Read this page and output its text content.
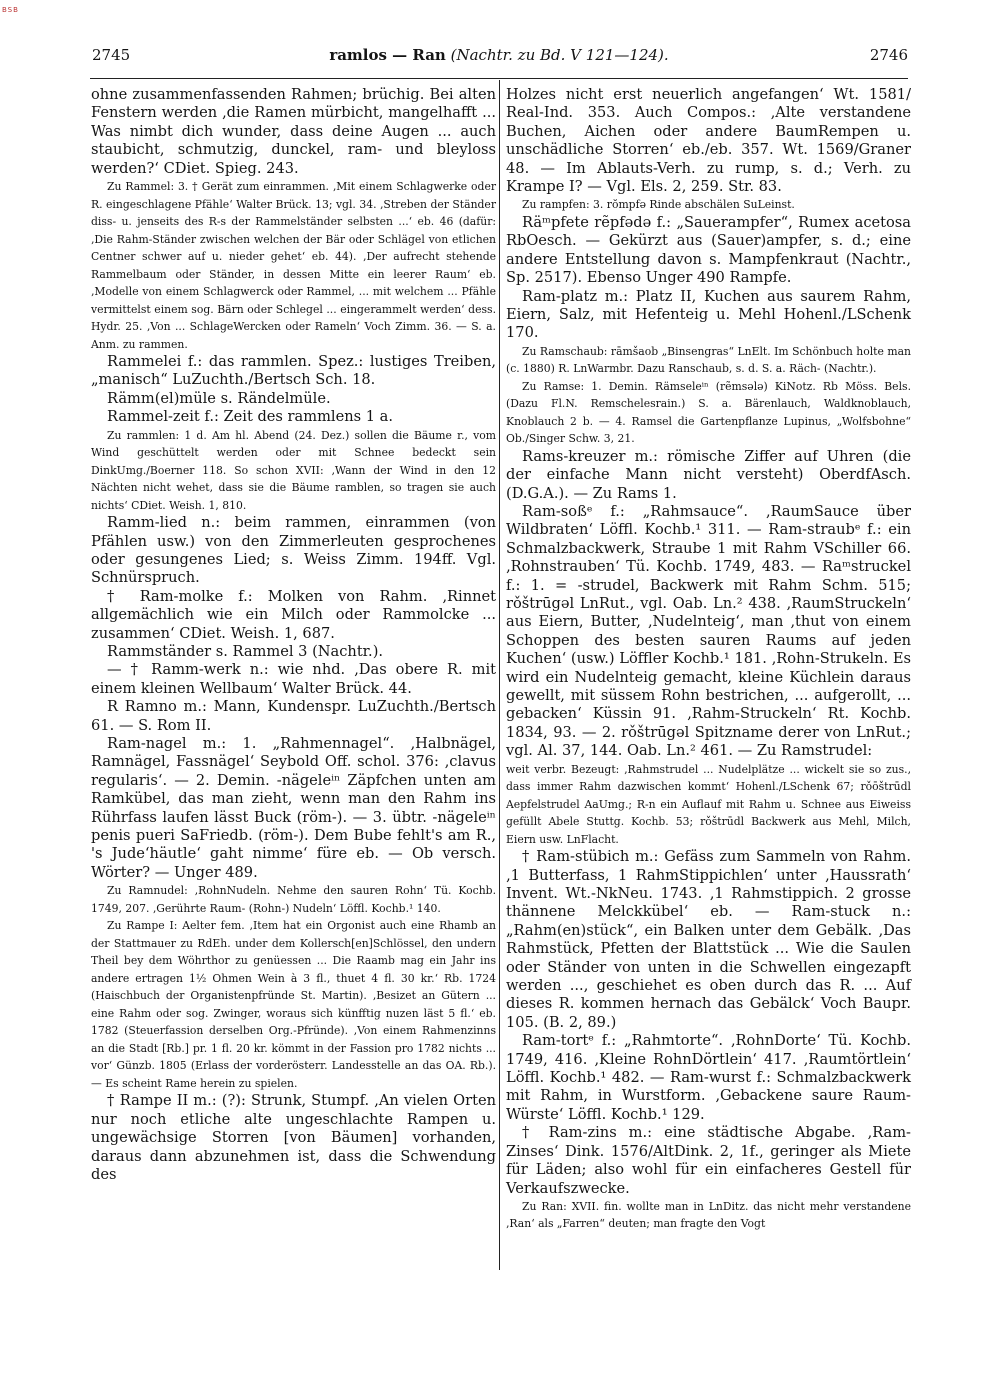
BSB
2745	ramlos — Ran (Nachtr. zu Bd. V 121—124).	2746

ohne zusammenfassenden Rahmen; brüchig. Bei alten Fenstern werden ‚die Ramen mürbicht, mangelhafft ... Was nimbt dich wunder, dass deine Augen ... auch staubicht, schmutzig, dunckel, ram- und bleyloss werden?‘ CDiet. Spieg. 243.

Zu Rammel: 3. † Gerät zum einrammen. ‚Mit einem Schlagwerke oder R. eingeschlagene Pfähle‘ Walter Brück. 13; vgl. 34. ‚Streben der Ständer diss- u. jenseits des R-s der Rammelständer selbsten ...‘ eb. 46 (dafür: ‚Die Rahm-Ständer zwischen welchen der Bär oder Schlägel von etlichen Centner schwer auf u. nieder gehet‘ eb. 44). ‚Der aufrecht stehende Rammelbaum oder Ständer, in dessen Mitte ein leerer Raum‘ eb. ‚Modelle von einem Schlagwerck oder Rammel, ... mit welchem ... Pfähle vermittelst einem sog. Bärn oder Schlegel ... eingerammelt werden‘ dess. Hydr. 25. ‚Von ... SchlageWercken oder Rameln‘ Voch Zimm. 36. — S. a. Anm. zu rammen.

Rammelei f.: das rammlen. Spez.: lustiges Treiben, „manisch“ LuZuchth./Bertsch Sch. 18.

Rämm(el)müle s. Rändelmüle.

Rammel-zeit f.: Zeit des rammlens 1 a.

Zu rammlen: 1 d. Am hl. Abend (24. Dez.) sollen die Bäume r., vom Wind geschüttelt werden oder mit Schnee bedeckt sein DinkUmg./Boerner 118. So schon XVII: ‚Wann der Wind in den 12 Nächten nicht wehet, dass sie die Bäume ramblen, so tragen sie auch nichts‘ CDiet. Weish. 1, 810.

Ramm-lied n.: beim rammen, einrammen (von Pfählen usw.) von den Zimmerleuten gesprochenes oder gesungenes Lied; s. Weiss Zimm. 194ff. Vgl. Schnürspruch.

† Ram-molke f.: Molken von Rahm. ‚Rinnet allgemächlich wie ein Milch oder Rammolcke ... zusammen‘ CDiet. Weish. 1, 687.

Rammständer s. Rammel 3 (Nachtr.).

— † Ramm-werk n.: wie nhd. ‚Das obere R. mit einem kleinen Wellbaum‘ Walter Brück. 44.

R Ramno m.: Mann, Kundenspr. LuZuchth./Bertsch 61. — S. Rom II.

Ram-nagel m.: 1. „Rahmennagel“. ‚Halbnägel, Ramnägel, Fassnägel‘ Seybold Off. schol. 376: ‚clavus regularis‘. — 2. Demin. -nägeleⁱⁿ Zäpfchen unten am Ramkübel, das man zieht, wenn man den Rahm ins Rührfass laufen lässt Buck (röm-). — 3. übtr. -nägeleⁱⁿ penis pueri SaFriedb. (röm-). Dem Bube fehlt's am R., 's Jude‘häutle‘ gaht nimme‘ füre eb. — Ob versch. Wörter? — Unger 489.

Zu Ramnudel: ‚RohnNudeln. Nehme den sauren Rohn‘ Tü. Kochb. 1749, 207. ‚Gerührte Raum- (Rohn-) Nudeln‘ Löffl. Kochb.¹ 140.

Zu Rampe I: Aelter fem. ‚Item hat ein Orgonist auch eine Rhamb an der Stattmauer zu RdEh. under dem Kollersch[en]Schlössel, den undern Theil bey dem Wöhrthor zu genüessen ... Die Raamb mag ein Jahr ins andere ertragen 1½ Ohmen Wein à 3 fl., thuet 4 fl. 30 kr.‘ Rb. 1724 (Haischbuch der Organistenpfründe St. Martin). ‚Besizet an Gütern ... eine Rahm oder sog. Zwinger, woraus sich künfftig nuzen läst 5 fl.‘ eb. 1782 (Steuerfassion derselben Org.-Pfründe). ‚Von einem Rahmenzinns an die Stadt [Rb.] pr. 1 fl. 20 kr. kömmt in der Fassion pro 1782 nichts ... vor‘ Günzb. 1805 (Erlass der vorderösterr. Landesstelle an das OA. Rb.). — Es scheint Rame herein zu spielen.

† Rampe II m.: (?): Strunk, Stumpf. ‚An vielen Orten nur noch etliche alte ungeschlachte Rampen u. ungewächsige Storren [von Bäumen] vorhanden, daraus dann abzunehmen ist, dass die Schwendung des

Holzes nicht erst neuerlich angefangen‘ Wt. 1581/ Real-Ind. 353. Auch Compos.: ‚Alte verstandene Buchen, Aichen oder andere BaumRempen u. unschädliche Storren‘ eb./eb. 357. Wt. 1569/Graner 48. — Im Ablauts-Verh. zu rump, s. d.; Verh. zu Krampe I? — Vgl. Els. 2, 259. Str. 83.

Zu rampfen: 3. rŏmpfə Rinde abschälen SuLeinst.

Räᵐpfete rẽpfədə f.: „Sauerampfer“, Rumex acetosa RbOesch. — Gekürzt aus (Sauer)ampfer, s. d.; eine andere Entstellung davon s. Mampfenkraut (Nachtr., Sp. 2517). Ebenso Unger 490 Rampfe.

Ram-platz m.: Platz II, Kuchen aus saurem Rahm, Eiern, Salz, mit Hefenteig u. Mehl Hohenl./LSchenk 170.

Zu Ramschaub: rāmšaob „Binsengras“ LnElt. Im Schönbuch holte man (c. 1880) R. LnWarmbr. Dazu Ranschaub, s. d. S. a. Räch- (Nachtr.).

Zu Ramse: 1. Demin. Rämseleⁱⁿ (rẽmsələ) KiNotz. Rb Möss. Bels. (Dazu Fl.N. Remschelesrain.) S. a. Bärenlauch, Waldknoblauch, Knoblauch 2 b. — 4. Ramsel die Gartenpflanze Lupinus, „Wolfsbohne“ Ob./Singer Schw. 3, 21.

Rams-kreuzer m.: römische Ziffer auf Uhren (die der einfache Mann nicht versteht) OberdfAsch. (D.G.A.). — Zu Rams 1.

Ram-soßᵉ f.: „Rahmsauce“. ‚RaumSauce über Wildbraten‘ Löffl. Kochb.¹ 311. — Ram-straubᵉ f.: ein Schmalzbackwerk, Straube 1 mit Rahm VSchiller 66. ‚Rohnstrauben‘ Tü. Kochb. 1749, 483. — Raᵐstruckel f.: 1. = -strudel, Backwerk mit Rahm Schm. 515; rǒštrūgəl LnRut., vgl. Oab. Ln.² 438. ‚RaumStruckeln‘ aus Eiern, Butter, ‚Nudelnteig‘, man ‚thut von einem Schoppen des besten sauren Raums auf jeden Kuchen‘ (usw.) Löffler Kochb.¹ 181. ‚Rohn-Strukeln. Es wird ein Nudelnteig gemacht, kleine Küchlein daraus gewellt, mit süssem Rohn bestrichen, ... aufgerollt, ... gebacken‘ Küssin 91. ‚Rahm-Struckeln‘ Rt. Kochb. 1834, 93. — 2. rǒštrūgəl Spitzname derer von LnRut.; vgl. Al. 37, 144. Oab. Ln.² 461. — Zu Ramstrudel:

weit verbr. Bezeugt: ‚Rahmstrudel ... Nudelplätze ... wickelt sie so zus., dass immer Rahm dazwischen kommt‘ Hohenl./LSchenk 67; rǒōštrūdl Aepfelstrudel AaUmg.; R-n ein Auflauf mit Rahm u. Schnee aus Eiweiss gefüllt Abele Stuttg. Kochb. 53; rǒštrūdl Backwerk aus Mehl, Milch, Eiern usw. LnFlacht.

† Ram-stübich m.: Gefäss zum Sammeln von Rahm. ‚1 Butterfass, 1 RahmStippichlen‘ unter ‚Haussrath‘ Invent. Wt.-NkNeu. 1743. ‚1 Rahmstippich. 2 grosse thännene Melckkübel‘ eb. — Ram-stuck n.: „Rahm(en)stück“, ein Balken unter dem Gebälk. ‚Das Rahmstück, Pfetten der Blattstück ... Wie die Saulen oder Ständer von unten in die Schwellen eingezapft werden ..., geschiehet es oben durch das R. ... Auf dieses R. kommen hernach das Gebälck‘ Voch Baupr. 105. (B. 2, 89.)

Ram-tortᵉ f.: „Rahmtorte“. ‚RohnDorte‘ Tü. Kochb. 1749, 416. ‚Kleine RohnDörtlein‘ 417. ‚Raumtörtlein‘ Löffl. Kochb.¹ 482. — Ram-wurst f.: Schmalzbackwerk mit Rahm, in Wurstform. ‚Gebackene saure Raum-Würste‘ Löffl. Kochb.¹ 129.

† Ram-zins m.: eine städtische Abgabe. ‚Ram-Zinses‘ Dink. 1576/AltDink. 2, 1f., geringer als Miete für Läden; also wohl für ein einfacheres Gestell für Verkaufszwecke.

Zu Ran: XVII. fin. wollte man in LnDitz. das nicht mehr verstandene ‚Ran‘ als „Farren“ deuten; man fragte den Vogt
